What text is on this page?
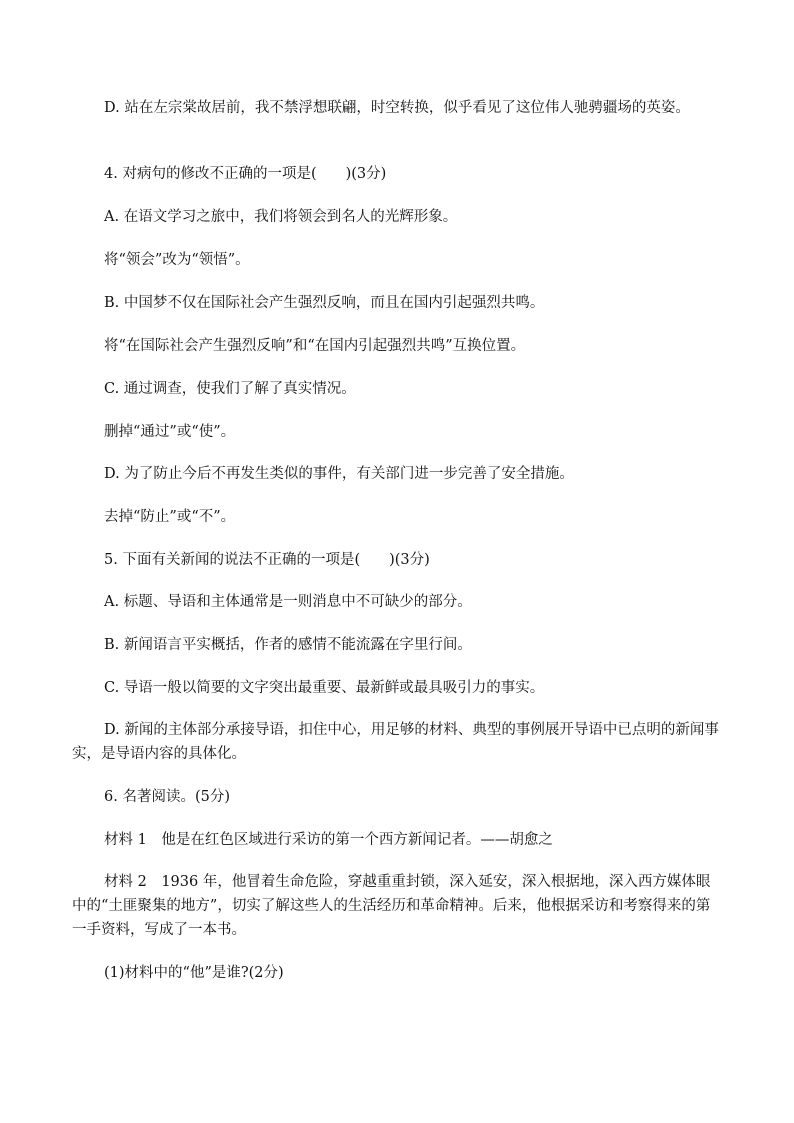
D. 站在左宗棠故居前，我不禁浮想联翩，时空转换，似乎看见了这位伟人驰骋疆场的英姿。

4. 对病句的修改不正确的一项是(　　)(3分)

A. 在语文学习之旅中，我们将领会到名人的光辉形象。

将“领会”改为“领悟”。

B. 中国梦不仅在国际社会产生强烈反响，而且在国内引起强烈共鸣。

将“在国际社会产生强烈反响”和“在国内引起强烈共鸣”互换位置。

C. 通过调查，使我们了解了真实情况。

删掉“通过”或“使”。

D. 为了防止今后不再发生类似的事件，有关部门进一步完善了安全措施。

去掉“防止”或“不”。

5. 下面有关新闻的说法不正确的一项是(　　)(3分)

A. 标题、导语和主体通常是一则消息中不可缺少的部分。

B. 新闻语言平实概括，作者的感情不能流露在字里行间。

C. 导语一般以简要的文字突出最重要、最新鲜或最具吸引力的事实。

D. 新闻的主体部分承接导语，扣住中心，用足够的材料、典型的事例展开导语中已点明的新闻事实，是导语内容的具体化。

6. 名著阅读。(5分)

材料 1　他是在红色区域进行采访的第一个西方新闻记者。——胡愈之

材料 2　1936 年，他冒着生命危险，穿越重重封锁，深入延安，深入根据地，深入西方媒体眼中的“土匪聚集的地方”，切实了解这些人的生活经历和革命精神。后来，他根据采访和考察得来的第一手资料，写成了一本书。

(1)材料中的“他”是谁?(2分)
